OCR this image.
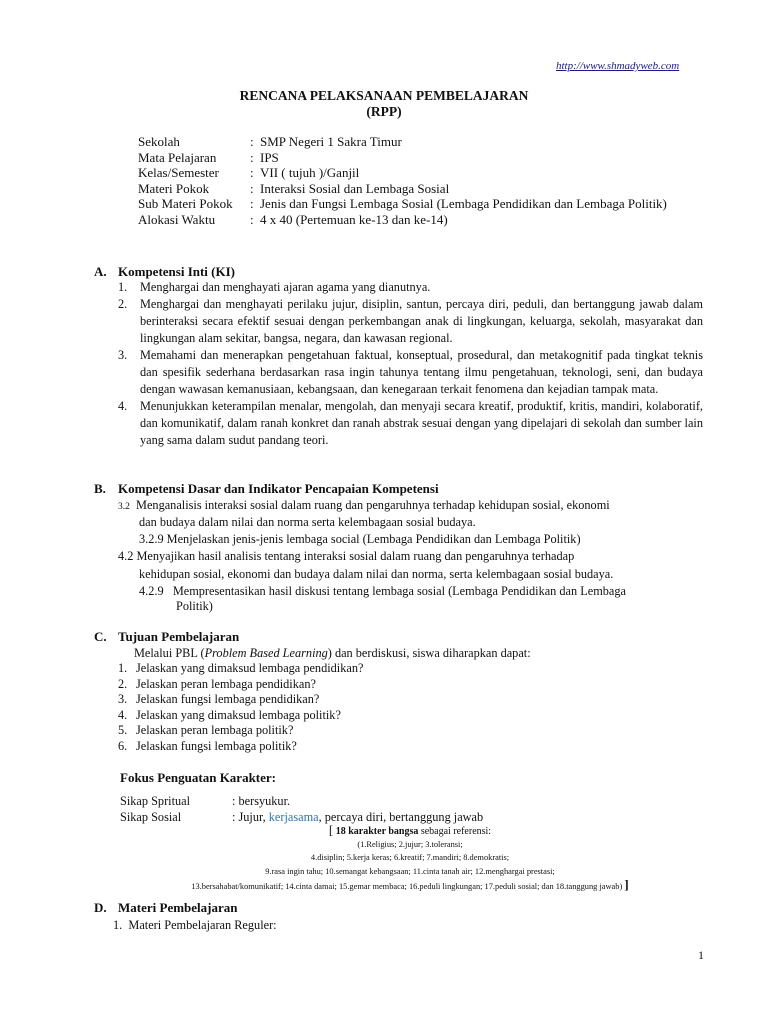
http://www.shmadyweb.com
RENCANA PELAKSANAAN PEMBELAJARAN
(RPP)
Sekolah	: SMP Negeri 1 Sakra Timur
Mata Pelajaran	: IPS
Kelas/Semester	: VII ( tujuh )/Ganjil
Materi Pokok	: Interaksi Sosial dan Lembaga Sosial
Sub Materi Pokok	: Jenis dan Fungsi Lembaga Sosial (Lembaga Pendidikan dan Lembaga Politik)
Alokasi Waktu	: 4 x 40 (Pertemuan ke-13 dan ke-14)
A. Kompetensi Inti (KI)
1.	Menghargai dan menghayati ajaran agama yang dianutnya.
2.	Menghargai dan menghayati perilaku jujur, disiplin, santun, percaya diri, peduli, dan bertanggung jawab dalam berinteraksi secara efektif sesuai dengan perkembangan anak di lingkungan, keluarga, sekolah, masyarakat dan lingkungan alam sekitar, bangsa, negara, dan kawasan regional.
3.	Memahami dan menerapkan pengetahuan faktual, konseptual, prosedural, dan metakognitif pada tingkat teknis dan spesifik sederhana berdasarkan rasa ingin tahunya tentang ilmu pengetahuan, teknologi, seni, dan budaya dengan wawasan kemanusiaan, kebangsaan, dan kenegaraan terkait fenomena dan kejadian tampak mata.
4.	Menunjukkan keterampilan menalar, mengolah, dan menyaji secara kreatif, produktif, kritis, mandiri, kolaboratif, dan komunikatif, dalam ranah konkret dan ranah abstrak sesuai dengan yang dipelajari di sekolah dan sumber lain yang sama dalam sudut pandang teori.
B. Kompetensi Dasar dan Indikator Pencapaian Kompetensi
3.2 Menganalisis interaksi sosial dalam ruang dan pengaruhnya terhadap kehidupan sosial, ekonomi
dan budaya dalam nilai dan norma serta kelembagaan sosial budaya.
3.2.9 Menjelaskan jenis-jenis lembaga social (Lembaga Pendidikan dan Lembaga Politik)
4.2 Menyajikan hasil analisis tentang interaksi sosial dalam ruang dan pengaruhnya terhadap
kehidupan sosial, ekonomi dan budaya dalam nilai dan norma, serta kelembagaan sosial budaya.
4.2.9   Mempresentasikan hasil diskusi tentang lembaga sosial (Lembaga Pendidikan dan Lembaga
Politik)
C. Tujuan Pembelajaran
Melalui PBL (Problem Based Learning) dan berdiskusi, siswa diharapkan dapat:
1. Jelaskan yang dimaksud lembaga pendidikan?
2. Jelaskan peran lembaga pendidikan?
3. Jelaskan fungsi lembaga pendidikan?
4. Jelaskan yang dimaksud lembaga politik?
5. Jelaskan peran lembaga politik?
6. Jelaskan fungsi lembaga politik?
Fokus Penguatan Karakter:
Sikap Spritual	: bersyukur.
Sikap Sosial	: Jujur, kerjasama, percaya diri, bertanggung jawab
[ 18 karakter bangsa sebagai referensi:
(1.Religius; 2.jujur; 3.toleransi;
4.disiplin; 5.kerja keras; 6.kreatif; 7.mandiri; 8.demokratis;
9.rasa ingin tahu; 10.semangat kebangsaan; 11.cinta tanah air; 12.menghargai prestasi;
13.bersahabat/komunikatif; 14.cinta damai; 15.gemar membaca; 16.peduli lingkungan; 17.peduli sosial; dan 18.tanggung jawab) ]
D. Materi Pembelajaran
1. Materi Pembelajaran Reguler:
1
